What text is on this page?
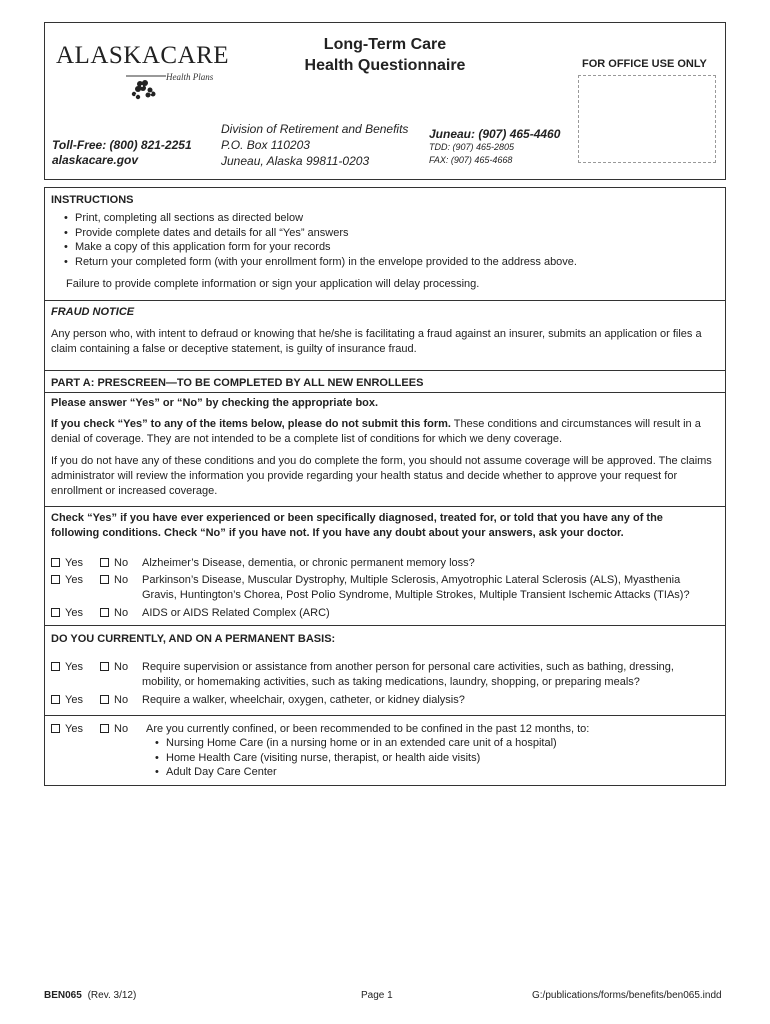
ALASKACARE
Health Plans
Long-Term Care
Health Questionnaire	FOR OFFICE USE ONLY
Toll-Free: (800) 821-2251
alaskacare.gov
Division of Retirement and Benefits
P.O. Box 110203
Juneau, Alaska 99811-0203
Juneau: (907) 465-4460
TDD: (907) 465-2805
FAX: (907) 465-4668
INSTRUCTIONS
• Print, completing all sections as directed below
• Provide complete dates and details for all “Yes” answers
• Make a copy of this application form for your records
• Return your completed form (with your enrollment form) in the envelope provided to the address above.
Failure to provide complete information or sign your application will delay processing.
FRAUD NOTICE
Any person who, with intent to defraud or knowing that he/she is facilitating a fraud against an insurer, submits an application or files a claim containing a false or deceptive statement, is guilty of insurance fraud.
PART A: PRESCREEN—TO BE COMPLETED BY ALL NEW ENROLLEES
Please answer “Yes” or “No” by checking the appropriate box.
If you check “Yes” to any of the items below, please do not submit this form. These conditions and circumstances will result in a denial of coverage. They are not intended to be a complete list of conditions for which we deny coverage.
If you do not have any of these conditions and you do complete the form, you should not assume coverage will be approved. The claims administrator will review the information you provide regarding your health status and decide whether to approve your request for enrollment or increased coverage.
Check “Yes” if you have ever experienced or been specifically diagnosed, treated for, or told that you have any of the following conditions. Check “No” if you have not. If you have any doubt about your answers, ask your doctor.
Yes	No Alzheimer’s Disease, dementia, or chronic permanent memory loss?
Yes	No Parkinson’s Disease, Muscular Dystrophy, Multiple Sclerosis, Amyotrophic Lateral Sclerosis (ALS), Myasthenia Gravis, Huntington’s Chorea, Post Polio Syndrome, Multiple Strokes, Multiple Transient Ischemic Attacks (TIAs)?
Yes	No AIDS or AIDS Related Complex (ARC)
DO YOU CURRENTLY, AND ON A PERMANENT BASIS:
Yes	No Require supervision or assistance from another person for personal care activities, such as bathing, dressing, mobility, or homemaking activities, such as taking medications, laundry, shopping, or preparing meals?
Yes	No Require a walker, wheelchair, oxygen, catheter, or kidney dialysis?
Yes	No Are you currently confined, or been recommended to be confined in the past 12 months, to:
• Nursing Home Care (in a nursing home or in an extended care unit of a hospital)
• Home Health Care (visiting nurse, therapist, or health aide visits)
• Adult Day Care Center
BEN065 (Rev. 3/12)	Page 1	G:/publications/forms/benefits/ben065.indd
